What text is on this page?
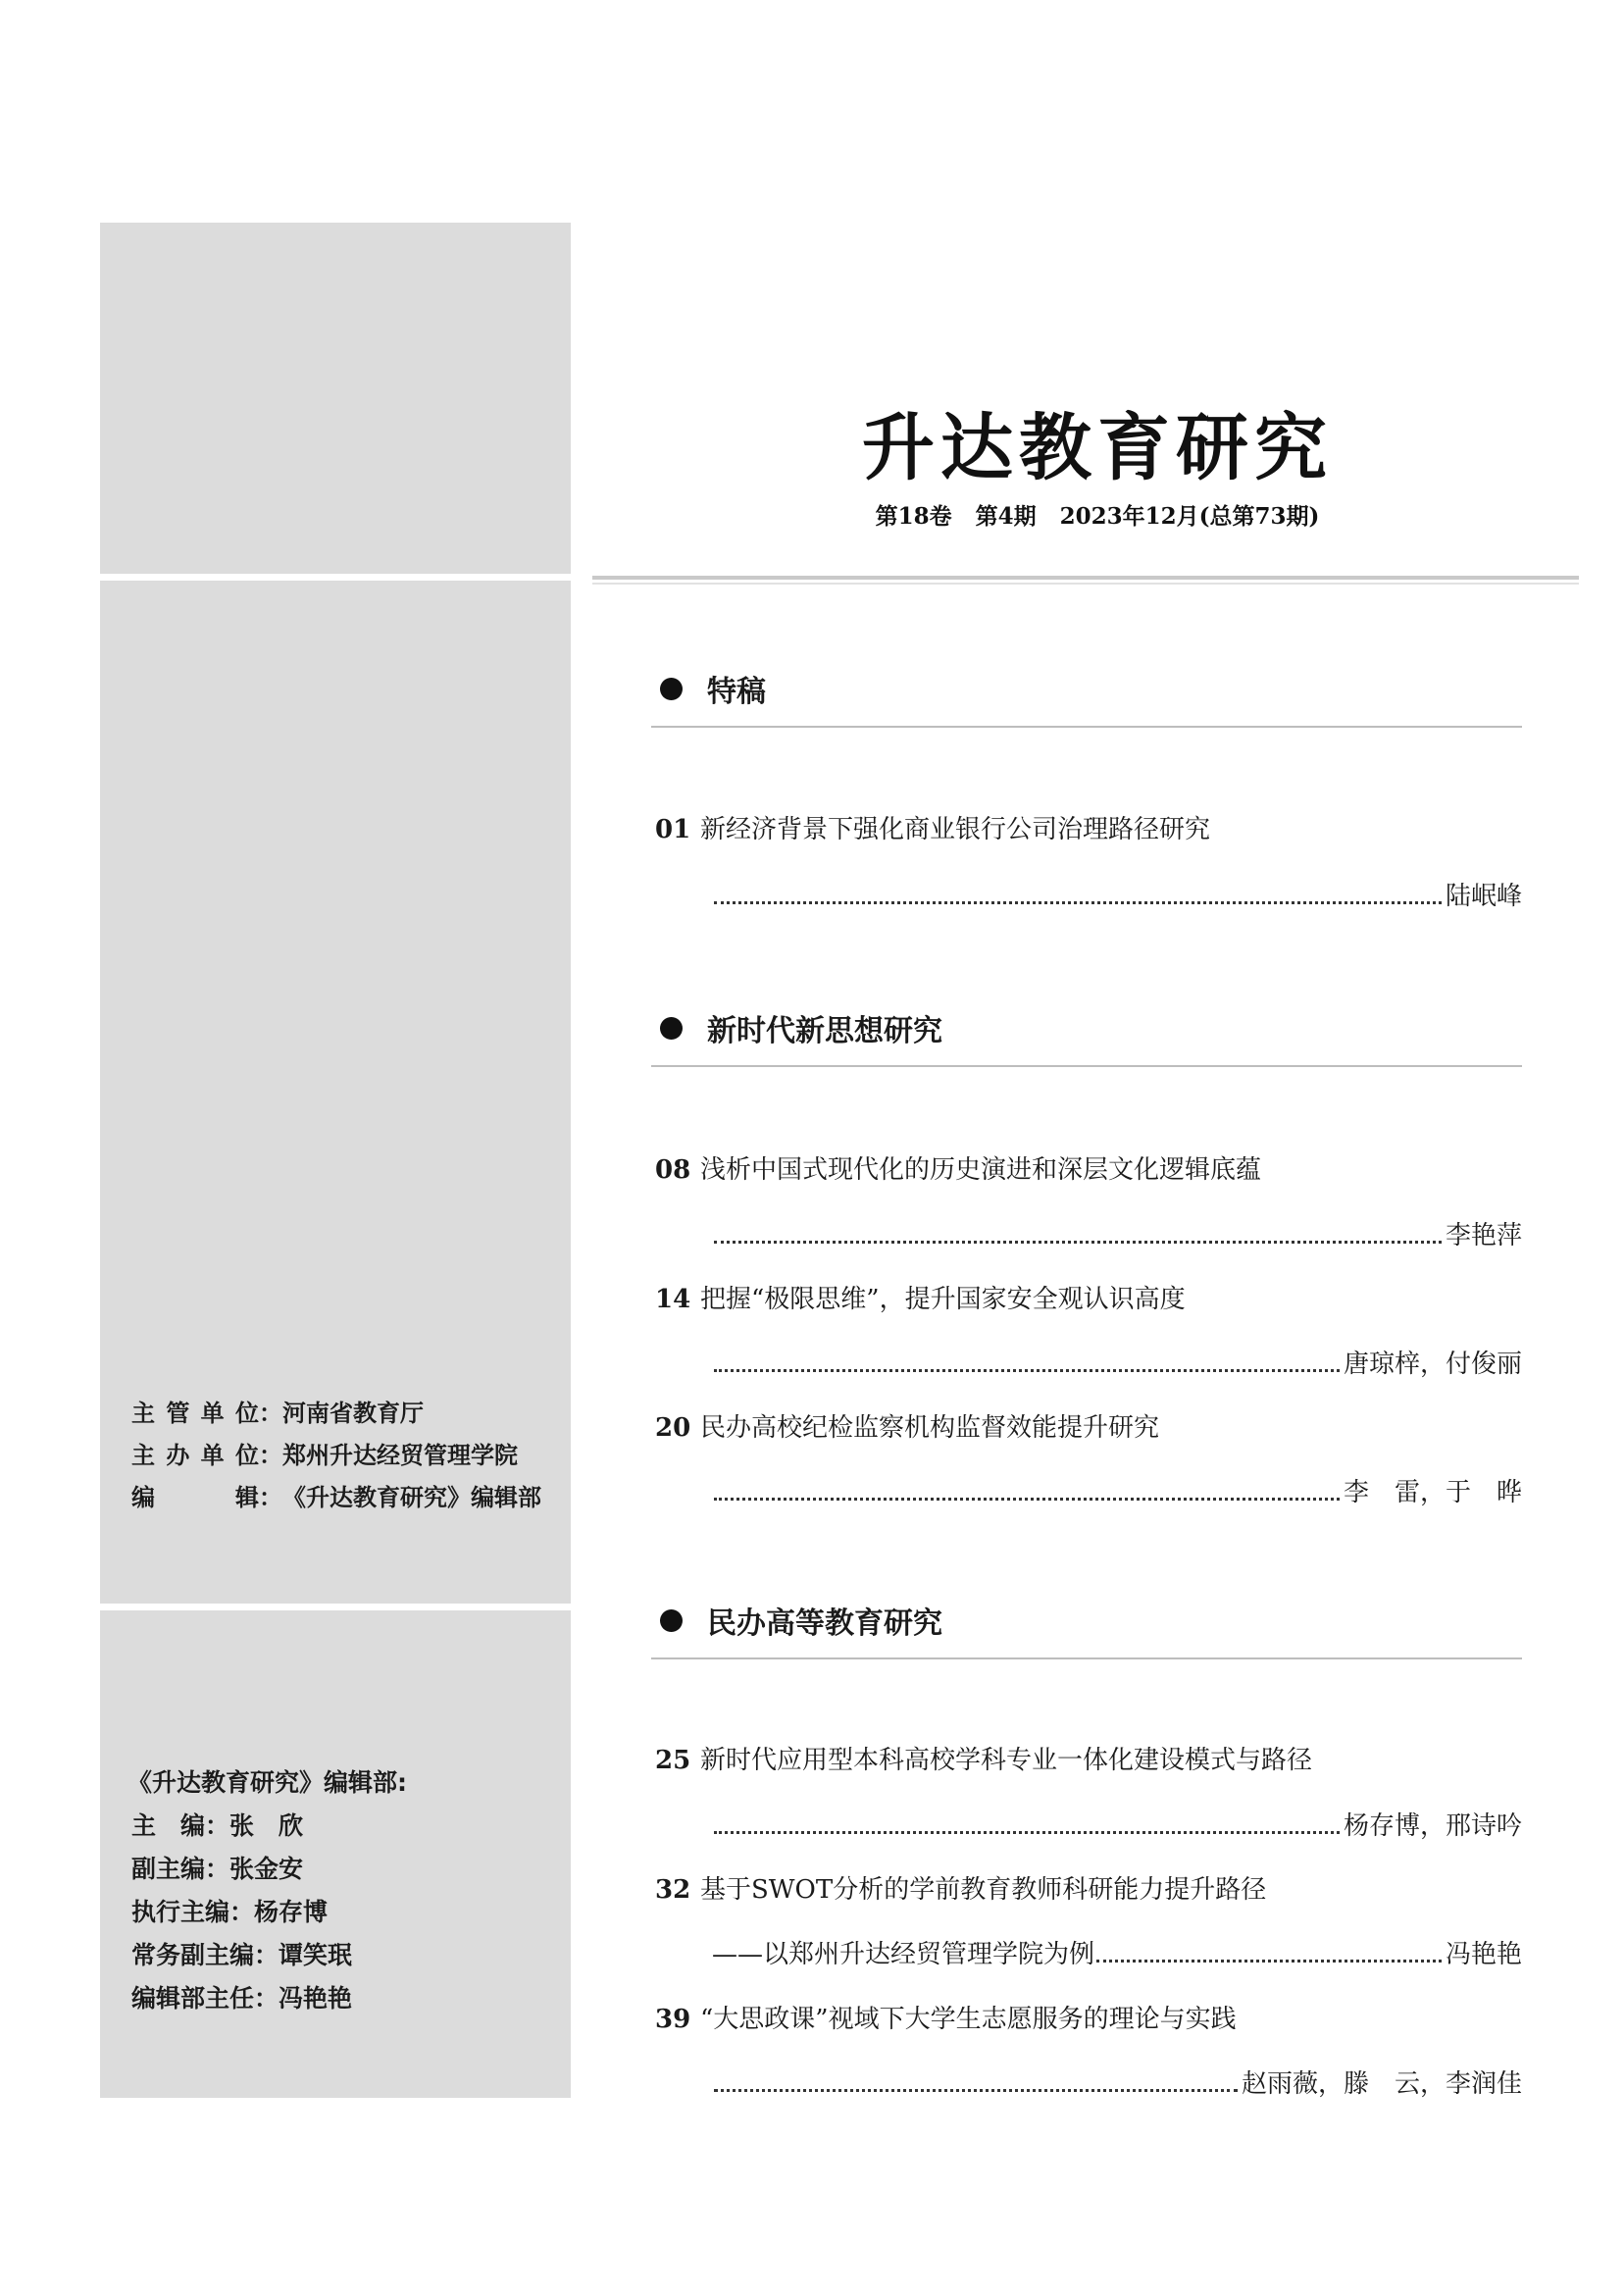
主管单位 ： 河南省教育厅
主办单位 ： 郑州升达经贸管理学院
编辑 ： 《升达教育研究》编辑部
《升达教育研究》编辑部:
主　编 ： 张　欣
副主编 ： 张金安
执行主编 ： 杨存博
常务副主编 ： 谭笑珉
编辑部主任 ： 冯艳艳
升达教育研究
第18卷 第4期 2023年12月(总第73期)
特稿
01 新经济背景下强化商业银行公司治理路径研究
陆岷峰
新时代新思想研究
08 浅析中国式现代化的历史演进和深层文化逻辑底蕴
李艳萍
14 把握“极限思维”，提升国家安全观认识高度
唐琼梓，付俊丽
20 民办高校纪检监察机构监督效能提升研究
李　雷，于　晔
民办高等教育研究
25 新时代应用型本科高校学科专业一体化建设模式与路径
杨存博，邢诗吟
32 基于SWOT分析的学前教育教师科研能力提升路径
——以郑州升达经贸管理学院为例	冯艳艳
39 “大思政课”视域下大学生志愿服务的理论与实践
赵雨薇，滕　云，李润佳
